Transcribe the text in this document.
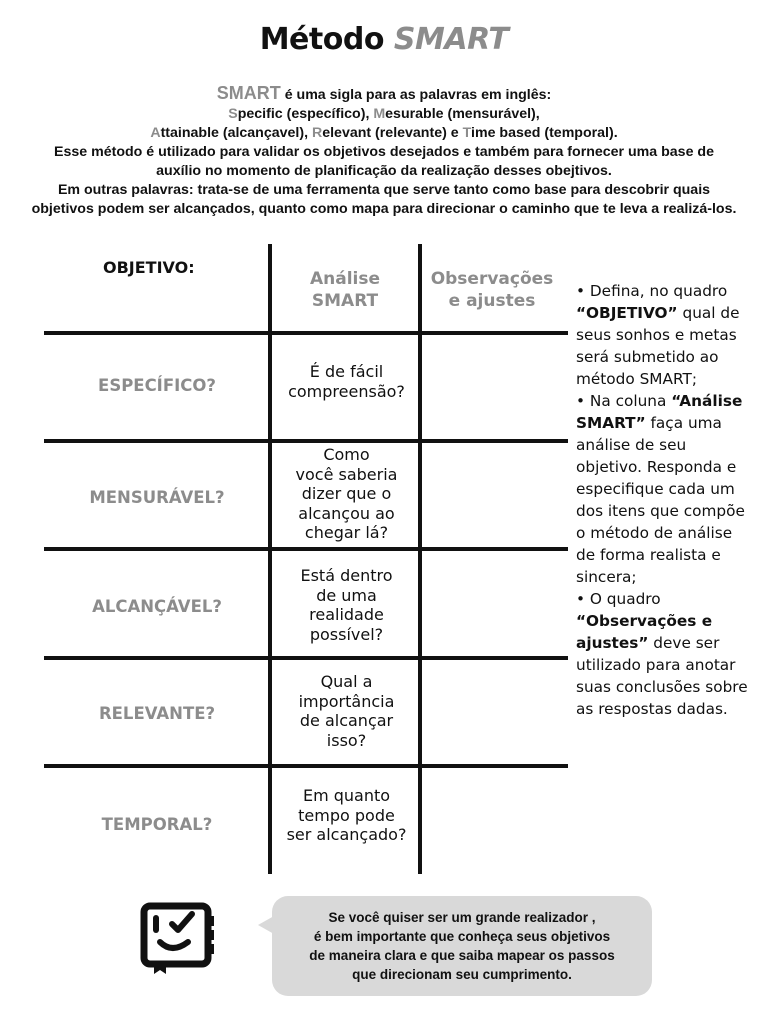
Método SMART
SMART é uma sigla para as palavras em inglês:
Specific (específico), Mesurable (mensurável),
Attainable (alcançavel), Relevant (relevante) e Time based (temporal).
Esse método é utilizado para validar os objetivos desejados e também para fornecer uma base de auxílio no momento de planificação da realização desses obejtivos.
Em outras palavras: trata-se de uma ferramenta que serve tanto como base para descobrir quais objetivos podem ser alcançados, quanto como mapa para direcionar o caminho que te leva a realizá-los.
OBJETIVO:
Análise
SMART
Observações
e ajustes
ESPECÍFICO?
É de fácil
compreensão?
MENSURÁVEL?
Como
você saberia
dizer que o
alcançou ao
chegar lá?
ALCANÇÁVEL?
Está dentro
de uma
realidade
possível?
RELEVANTE?
Qual a
importância
de alcançar
isso?
TEMPORAL?
Em quanto
tempo pode
ser alcançado?
• Defina, no quadro “OBJETIVO” qual de seus sonhos e metas será submetido ao método SMART;
• Na coluna “Análise SMART” faça uma análise de seu objetivo. Responda e especifique cada um dos itens que compõe o método de análise de forma realista e sincera;
• O quadro “Observações e ajustes” deve ser utilizado para anotar suas conclusões sobre as respostas dadas.
Se você quiser ser um grande realizador ,
é bem importante que conheça seus objetivos
de maneira clara e que saiba mapear os passos
que direcionam seu cumprimento.
